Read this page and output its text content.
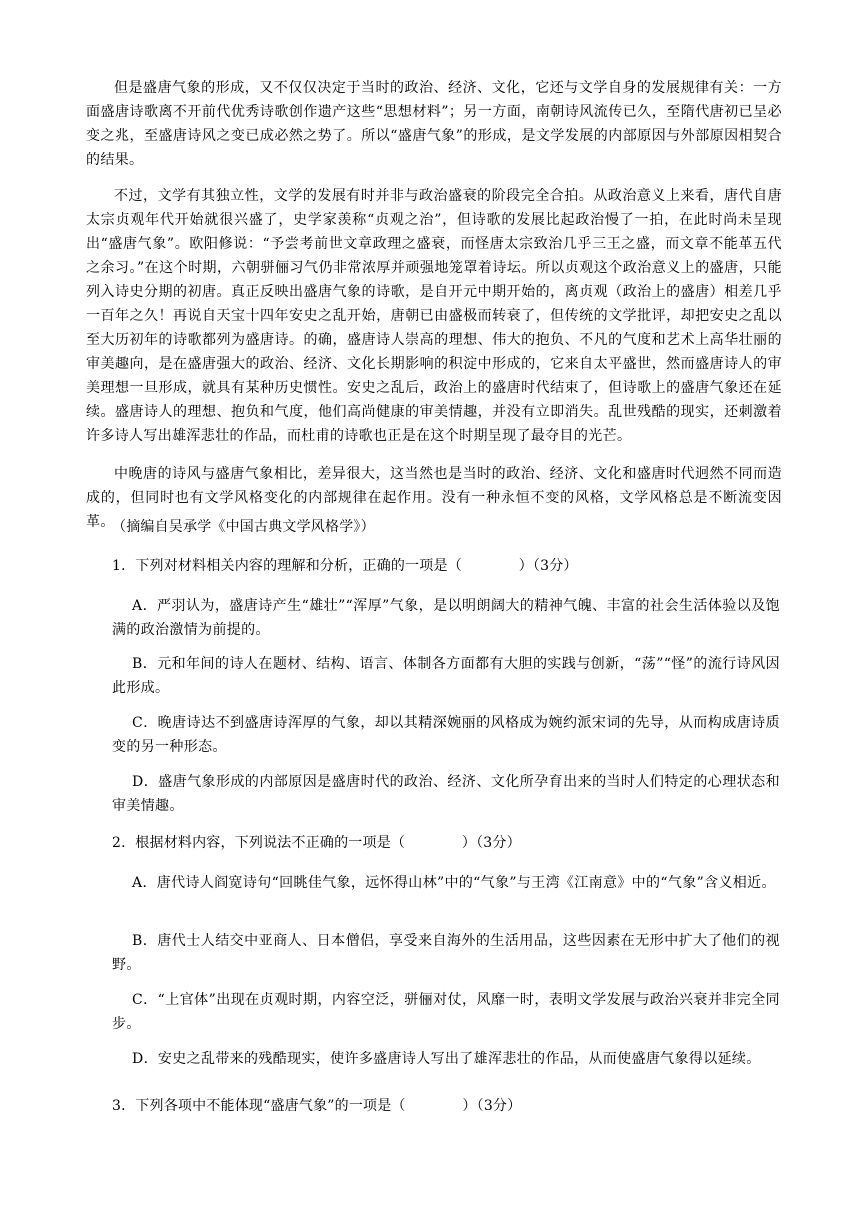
但是盛唐气象的形成，又不仅仅决定于当时的政治、经济、文化，它还与文学自身的发展规律有关：一方面盛唐诗歌离不开前代优秀诗歌创作遗产这些“思想材料”；另一方面，南朝诗风流传已久，至隋代唐初已呈必变之兆，至盛唐诗风之变已成必然之势了。所以“盛唐气象”的形成，是文学发展的内部原因与外部原因相契合的结果。

不过，文学有其独立性，文学的发展有时并非与政治盛衰的阶段完全合拍。从政治意义上来看，唐代自唐太宗贞观年代开始就很兴盛了，史学家羡称“贞观之治”，但诗歌的发展比起政治慢了一拍，在此时尚未呈现出“盛唐气象”。欧阳修说：“予尝考前世文章政理之盛衰，而怪唐太宗致治几乎三王之盛，而文章不能革五代之余习。”在这个时期，六朝骈俪习气仍非常浓厚并顽强地笼罩着诗坛。所以贞观这个政治意义上的盛唐，只能列入诗史分期的初唐。真正反映出盛唐气象的诗歌，是自开元中期开始的，离贞观（政治上的盛唐）相差几乎一百年之久！再说自天宝十四年安史之乱开始，唐朝已由盛极而转衰了，但传统的文学批评，却把安史之乱以至大历初年的诗歌都列为盛唐诗。的确，盛唐诗人崇高的理想、伟大的抱负、不凡的气度和艺术上高华壮丽的审美趣向，是在盛唐强大的政治、经济、文化长期影响的积淀中形成的，它来自太平盛世，然而盛唐诗人的审美理想一旦形成，就具有某种历史惯性。安史之乱后，政治上的盛唐时代结束了，但诗歌上的盛唐气象还在延续。盛唐诗人的理想、抱负和气度，他们高尚健康的审美情趣，并没有立即消失。乱世残酷的现实，还刺激着许多诗人写出雄浑悲壮的作品，而杜甫的诗歌也正是在这个时期呈现了最夺目的光芒。

中晚唐的诗风与盛唐气象相比，差异很大，这当然也是当时的政治、经济、文化和盛唐时代迥然不同而造成的，但同时也有文学风格变化的内部规律在起作用。没有一种永恒不变的风格，文学风格总是不断流变因革。

（摘编自吴承学《中国古典文学风格学》）

1．下列对材料相关内容的理解和分析，正确的一项是（　　　　）（3分）

A．严羽认为，盛唐诗产生“雄壮”“浑厚”气象，是以明朗阔大的精神气魄、丰富的社会生活体验以及饱满的政治激情为前提的。

B．元和年间的诗人在题材、结构、语言、体制各方面都有大胆的实践与创新，“荡”“怪”的流行诗风因此形成。

C．晚唐诗达不到盛唐诗浑厚的气象，却以其精深婉丽的风格成为婉约派宋词的先导，从而构成唐诗质变的另一种形态。

D．盛唐气象形成的内部原因是盛唐时代的政治、经济、文化所孕育出来的当时人们特定的心理状态和审美情趣。

2．根据材料内容，下列说法不正确的一项是（　　　　）（3分）

A．唐代诗人阎宽诗句“回眺佳气象，远怀得山林”中的“气象”与王湾《江南意》中的“气象”含义相近。

B．唐代士人结交中亚商人、日本僧侣，享受来自海外的生活用品，这些因素在无形中扩大了他们的视野。

C．“上官体”出现在贞观时期，内容空泛，骈俪对仗，风靡一时，表明文学发展与政治兴衰并非完全同步。

D．安史之乱带来的残酷现实，使许多盛唐诗人写出了雄浑悲壮的作品，从而使盛唐气象得以延续。

3．下列各项中不能体现“盛唐气象”的一项是（　　　　）（3分）
